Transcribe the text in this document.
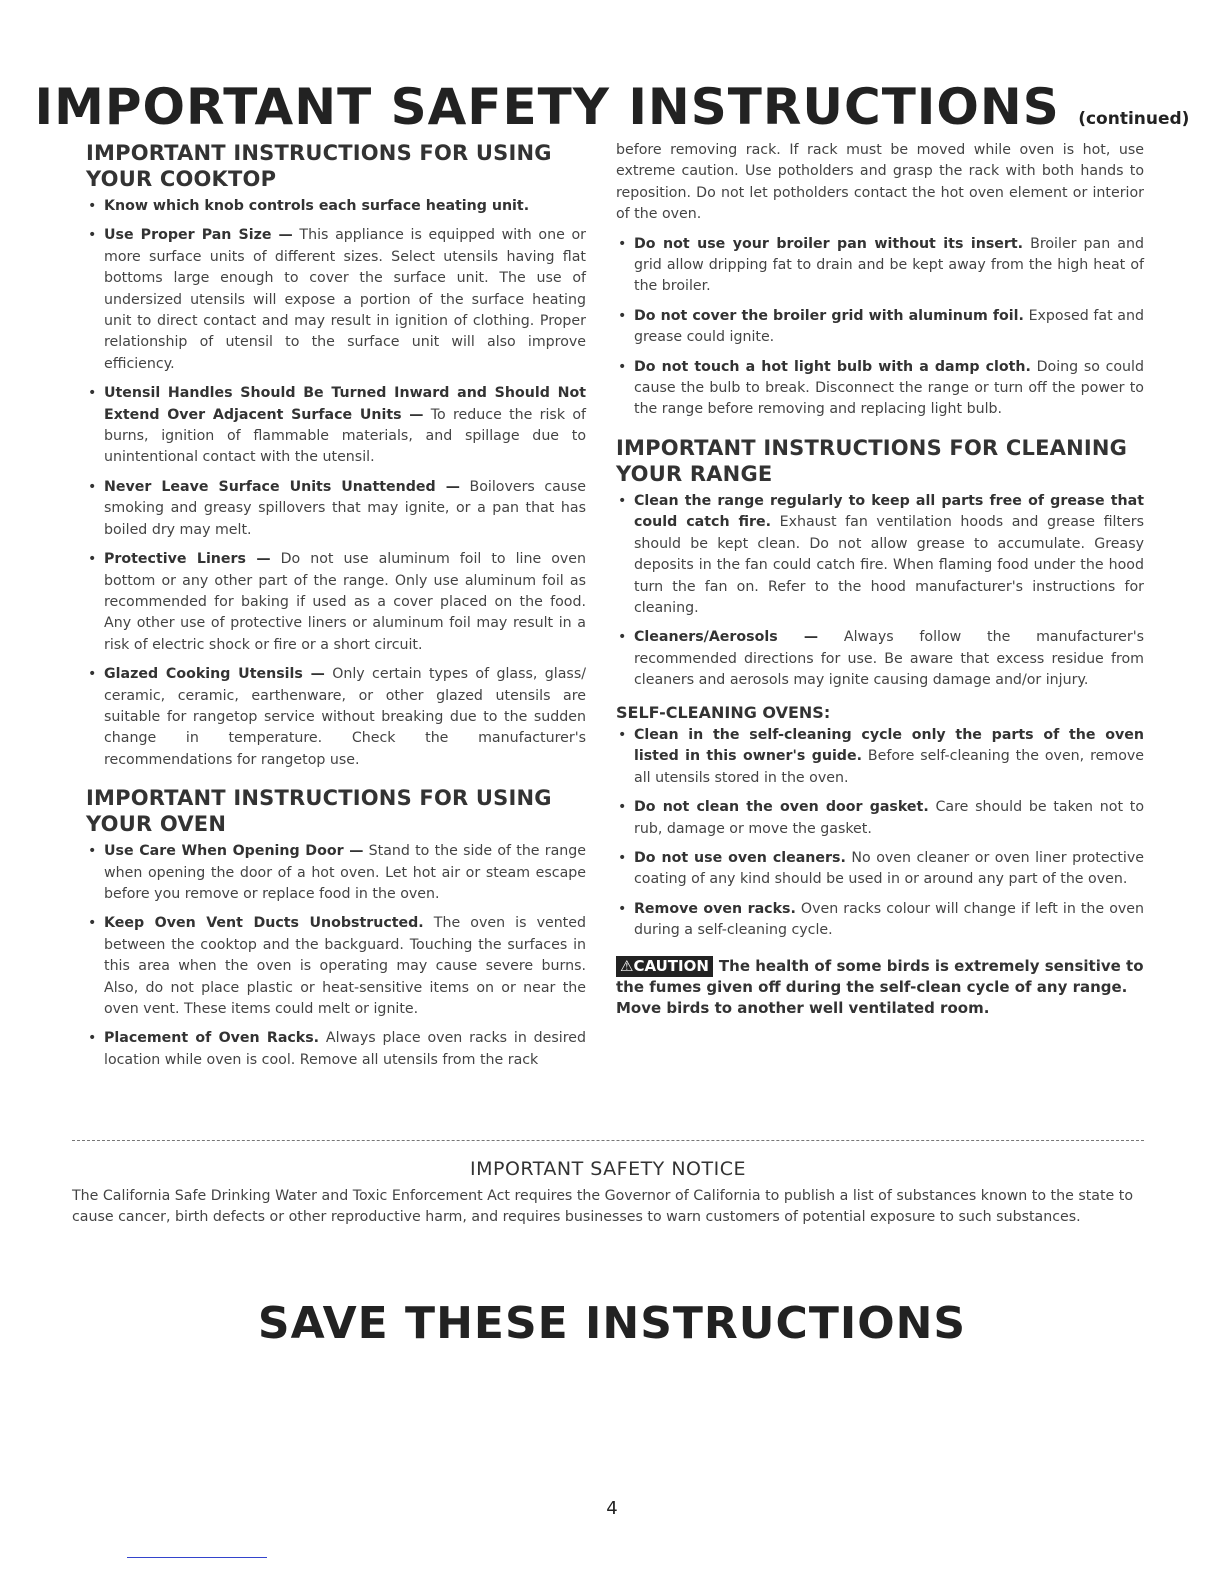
IMPORTANT SAFETY INSTRUCTIONS (continued)
IMPORTANT INSTRUCTIONS FOR USING YOUR COOKTOP
• Know which knob controls each surface heating unit.
• Use Proper Pan Size — This appliance is equipped with one or more surface units of different sizes. Select utensils having flat bottoms large enough to cover the surface unit. The use of undersized utensils will expose a portion of the surface heating unit to direct contact and may result in ignition of clothing. Proper relationship of utensil to the surface unit will also improve efficiency.
• Utensil Handles Should Be Turned Inward and Should Not Extend Over Adjacent Surface Units — To reduce the risk of burns, ignition of flammable materials, and spillage due to unintentional contact with the utensil.
• Never Leave Surface Units Unattended — Boilovers cause smoking and greasy spillovers that may ignite, or a pan that has boiled dry may melt.
• Protective Liners — Do not use aluminum foil to line oven bottom or any other part of the range. Only use aluminum foil as recommended for baking if used as a cover placed on the food. Any other use of protective liners or aluminum foil may result in a risk of electric shock or fire or a short circuit.
• Glazed Cooking Utensils — Only certain types of glass, glass/ ceramic, ceramic, earthenware, or other glazed utensils are suitable for rangetop service without breaking due to the sudden change in temperature. Check the manufacturer's recommendations for rangetop use.
IMPORTANT INSTRUCTIONS FOR USING YOUR OVEN
• Use Care When Opening Door — Stand to the side of the range when opening the door of a hot oven. Let hot air or steam escape before you remove or replace food in the oven.
• Keep Oven Vent Ducts Unobstructed. The oven is vented between the cooktop and the backguard. Touching the surfaces in this area when the oven is operating may cause severe burns. Also, do not place plastic or heat-sensitive items on or near the oven vent. These items could melt or ignite.
• Placement of Oven Racks. Always place oven racks in desired location while oven is cool. Remove all utensils from the rack

before removing rack. If rack must be moved while oven is hot, use extreme caution. Use potholders and grasp the rack with both hands to reposition. Do not let potholders contact the hot oven element or interior of the oven.

• Do not use your broiler pan without its insert. Broiler pan and grid allow dripping fat to drain and be kept away from the high heat of the broiler.
• Do not cover the broiler grid with aluminum foil. Exposed fat and grease could ignite.
• Do not touch a hot light bulb with a damp cloth. Doing so could cause the bulb to break. Disconnect the range or turn off the power to the range before removing and replacing light bulb.
IMPORTANT INSTRUCTIONS FOR CLEANING YOUR RANGE
• Clean the range regularly to keep all parts free of grease that could catch fire. Exhaust fan ventilation hoods and grease filters should be kept clean. Do not allow grease to accumulate. Greasy deposits in the fan could catch fire. When flaming food under the hood turn the fan on. Refer to the hood manufacturer's instructions for cleaning.
• Cleaners/Aerosols — Always follow the manufacturer's recommended directions for use. Be aware that excess residue from cleaners and aerosols may ignite causing damage and/or injury.
SELF-CLEANING OVENS:
• Clean in the self-cleaning cycle only the parts of the oven listed in this owner's guide. Before self-cleaning the oven, remove all utensils stored in the oven.
• Do not clean the oven door gasket. Care should be taken not to rub, damage or move the gasket.
• Do not use oven cleaners. No oven cleaner or oven liner protective coating of any kind should be used in or around any part of the oven.
• Remove oven racks. Oven racks colour will change if left in the oven during a self-cleaning cycle.

⚠CAUTION The health of some birds is extremely sensitive to the fumes given off during the self-clean cycle of any range. Move birds to another well ventilated room.

IMPORTANT SAFETY NOTICE

The California Safe Drinking Water and Toxic Enforcement Act requires the Governor of California to publish a list of substances known to the state to cause cancer, birth defects or other reproductive harm, and requires businesses to warn customers of potential exposure to such substances.

SAVE THESE INSTRUCTIONS
4
